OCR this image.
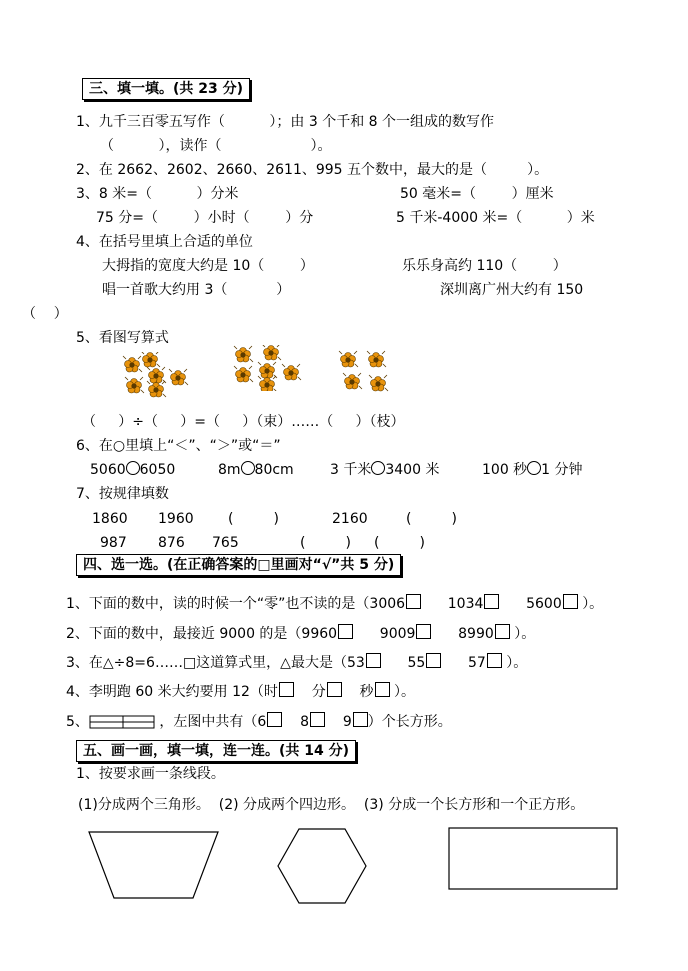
三、填一填。(共 23 分)
1、九千三百零五写作（          ）；由 3 个千和 8 个一组成的数写作
（          ），读作（                    ）。
2、在 2662、2602、2660、2611、995 五个数中，最大的是（         ）。
3、8 米=（          ）分米	50 毫米=（        ）厘米
75 分=（        ）小时（        ）分	5 千米-4000 米=（          ）米
4、在括号里填上合适的单位
大拇指的宽度大约是 10（        ）	乐乐身高约 110（        ）
唱一首歌大约用 3（           ）	深圳离广州大约有 150
（    ）
5、看图写算式
（     ）÷（     ）=（     ）（束）……（     ）（枝）
6、在○里填上“＜”、“＞”或“＝”
5060 6050	8m 80cm	3 千米 3400 米	100 秒 1 分钟
7、按规律填数
1860 1960 (         )	2160	(         )
987 876 765	(         ) (         )
四、选一选。(在正确答案的□里画对“√”共 5 分)
1、下面的数中，读的时候一个“零”也不读的是（3006	1034	5600 ）。
2、下面的数中，最接近 9000 的是（9960	9009	8990 ）。
3、在△÷8=6……□这道算式里，△最大是（53	55	57 ）。
4、李明跑 60 米大约要用 12（时 分 秒 ）。
5、	，左图中共有（6 8 9 ）个长方形。
五、画一画，填一填，连一连。(共 14 分)
1、按要求画一条线段。
(1)分成两个三角形。  (2) 分成两个四边形。  (3) 分成一个长方形和一个正方形。
